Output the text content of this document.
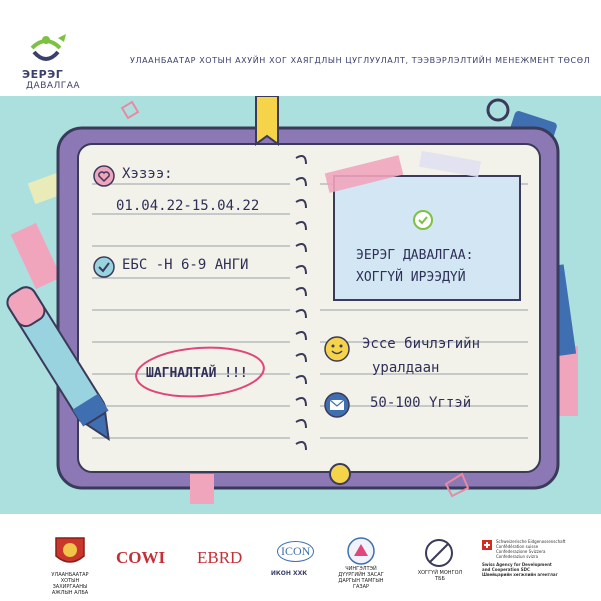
ЭЕРЭГ
ДАВАЛГАА
УЛААНБААТАР ХОТЫН АХУЙН ХОГ ХАЯГДЛЫН ЦУГЛУУЛАЛТ, ТЭЭВЭРЛЭЛТИЙН МЕНЕЖМЕНТ ТӨСӨЛ
Хэзээ:
01.04.22-15.04.22
ЕБС -Н 6-9 АНГИ
ШАГНАЛТАЙ !!!
ЭЕРЭГ ДАВАЛГАА:
ХОГГҮЙ ИРЭЭДҮЙ
Эссе бичлэгийн
уралдаан
50-100 Үгтэй
УЛААНБААТАР ХОТЫН ЗАХИРГААНЫ АЖЛЫН АЛБА
COWI EBRD	ICON
ИКОН ХХК
ЧИНГЭЛТЭЙ ДҮҮРГИЙН ЗАСАГ ДАРГЫН ТАМГЫН ГАЗАР
ХОГГҮЙ МОНГОЛ ТББ
Schweizerische Eidgenossenschaft
Confédération suisse
Confederazione Svizzera
Confederaziun svizra
Swiss Agency for Development
and Cooperation SDC
Швейцарийн хөгжлийн агентлаг
